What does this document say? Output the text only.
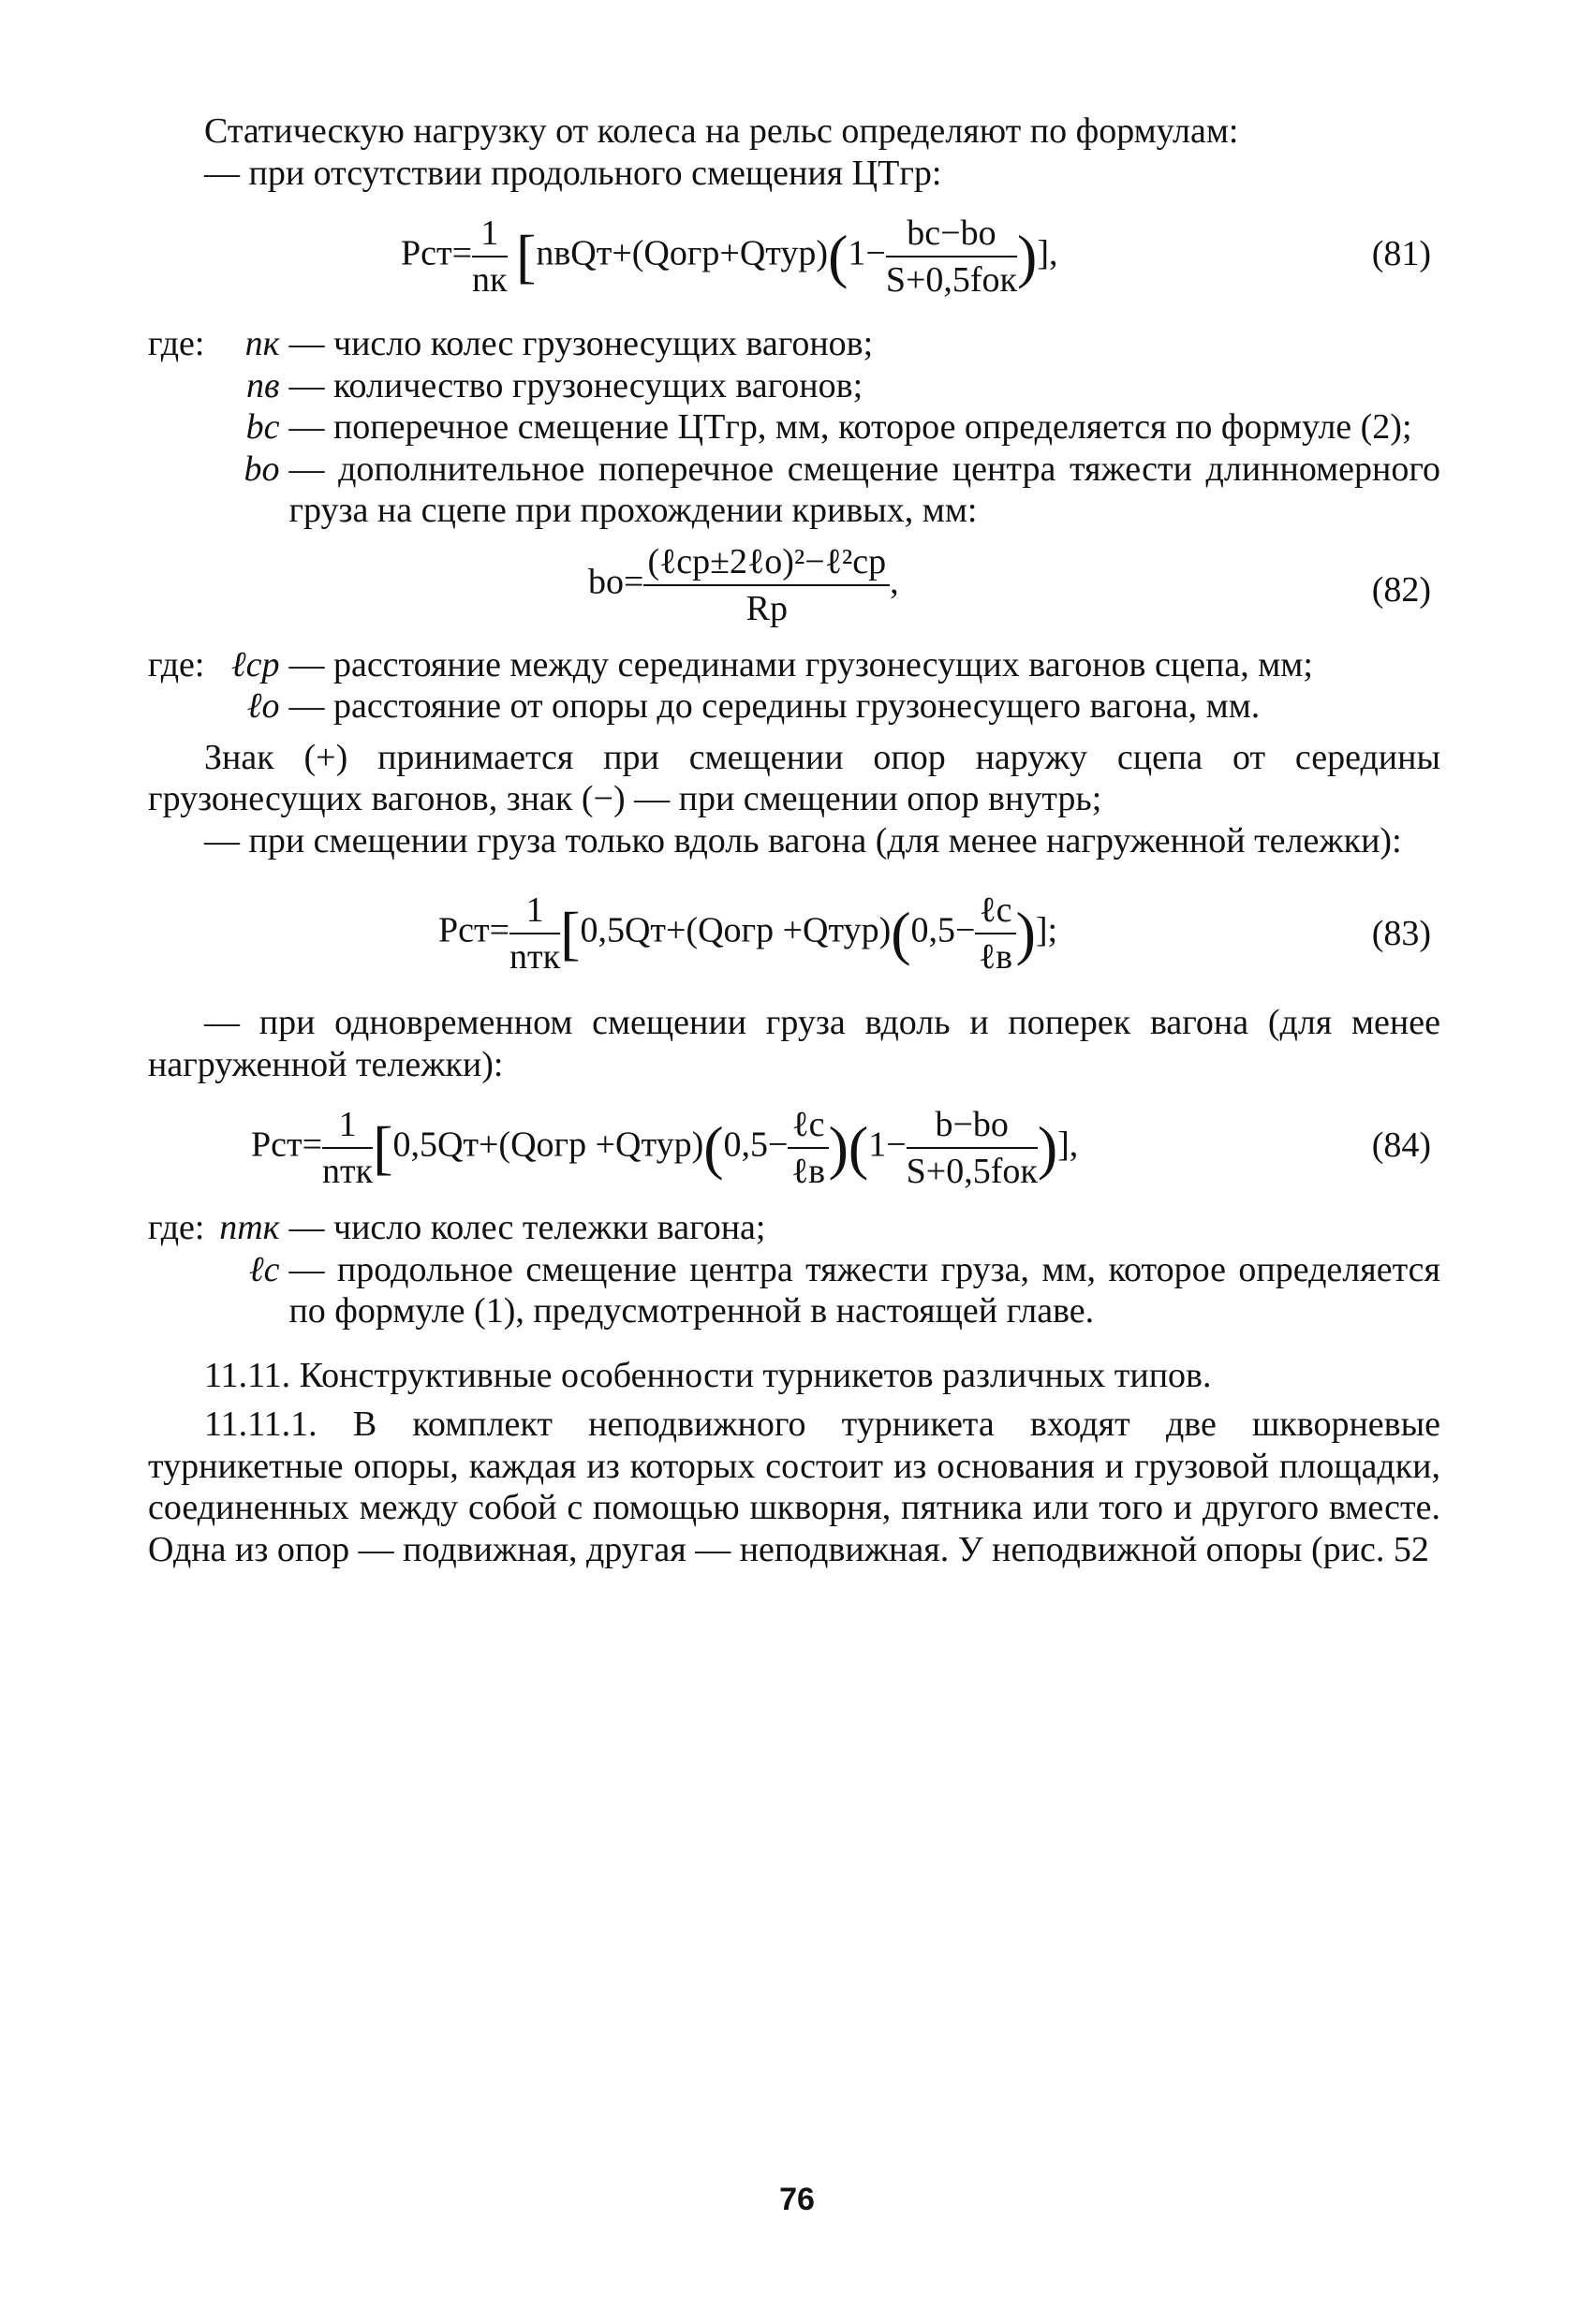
Статическую нагрузку от колеса на рельс определяют по формулам:

— при отсутствии продольного смещения ЦТгр:

$Pст= \frac{1}{nк}$ [nвQт+(Qогр+Qтур)(1− $\frac{bс-bо}{\text{S+0,5fок}}$ )],	(81)
где:	nк — число колес грузонесущих вагонов;
nв — количество грузонесущих вагонов;
bс — поперечное смещение ЦТгр, мм, которое определяется по формуле (2);
bо — дополнительное поперечное смещение центра тяжести длинномерного груза на сцепе при прохождении кривых, мм:
$bо= \frac{\text{(ℓср±2ℓо)²−ℓ²ср}}{Rр}$ ,	(82)
где: ℓср — расстояние между серединами грузонесущих вагонов сцепа, мм;
ℓо — расстояние от опоры до середины грузонесущего вагона, мм.

Знак (+) принимается при смещении опор наружу сцепа от середины грузонесущих вагонов, знак (−) — при смещении опор внутрь;

— при смещении груза только вдоль вагона (для менее нагруженной тележки):

$Pст= \frac{1}{\text{nтк}}$ [0,5Qт+(Qогр +Qтур)(0,5− $\frac{\text{ℓс}}{\text{ℓв}}$ )];	(83)

— при одновременном смещении груза вдоль и поперек вагона (для менее нагруженной тележки):

$Pст= \frac{1}{\text{nтк}}$ [0,5Qт+(Qогр +Qтур)(0,5− $\frac{\text{ℓс}}{\text{ℓв}} )(1- \frac{b-bо}{\text{S+0,5fок}}$ )],	(84)
где: nтк — число колес тележки вагона;
ℓс — продольное смещение центра тяжести груза, мм, которое определяется по формуле (1), предусмотренной в настоящей главе.

11.11. Конструктивные особенности турникетов различных типов.

11.11.1. В комплект неподвижного турникета входят две шкворневые турникетные опоры, каждая из которых состоит из основания и грузовой площадки, соединенных между собой с помощью шкворня, пятника или того и другого вместе. Одна из опор — подвижная, другая — неподвижная. У неподвижной опоры (рис. 52

76
